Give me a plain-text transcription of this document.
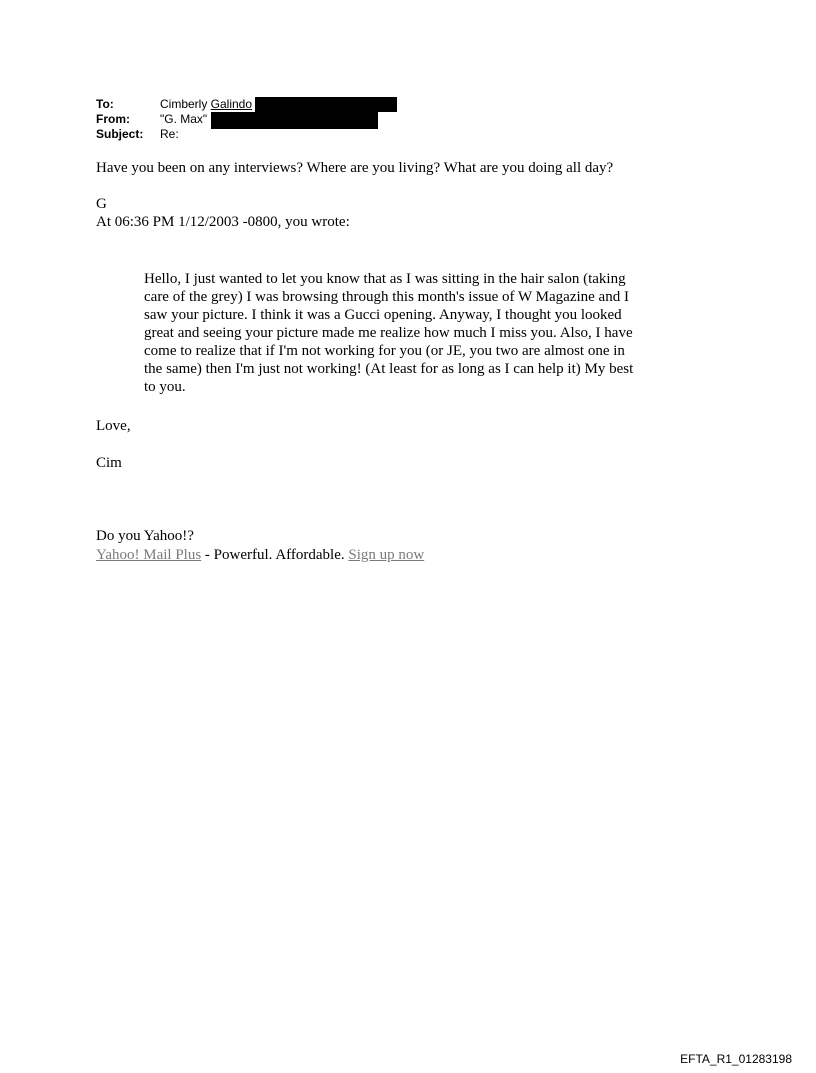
To:	Cimberly Galindo
From:	"G. Max"
Subject:	Re:
Have you been on any interviews? Where are you living? What are you doing all day?
G
At 06:36 PM 1/12/2003 -0800, you wrote:
Hello, I just wanted to let you know that as I was sitting in the hair salon (taking
care of the grey) I was browsing through this month's issue of W Magazine and I
saw your picture. I think it was a Gucci opening. Anyway, I thought you looked
great and seeing your picture made me realize how much I miss you. Also, I have
come to realize that if I'm not working for you (or JE, you two are almost one in
the same) then I'm just not working! (At least for as long as I can help it) My best
to you.
Love,
Cim
Do you Yahoo!?
Yahoo! Mail Plus - Powerful. Affordable. Sign up now
EFTA_R1_01283198
